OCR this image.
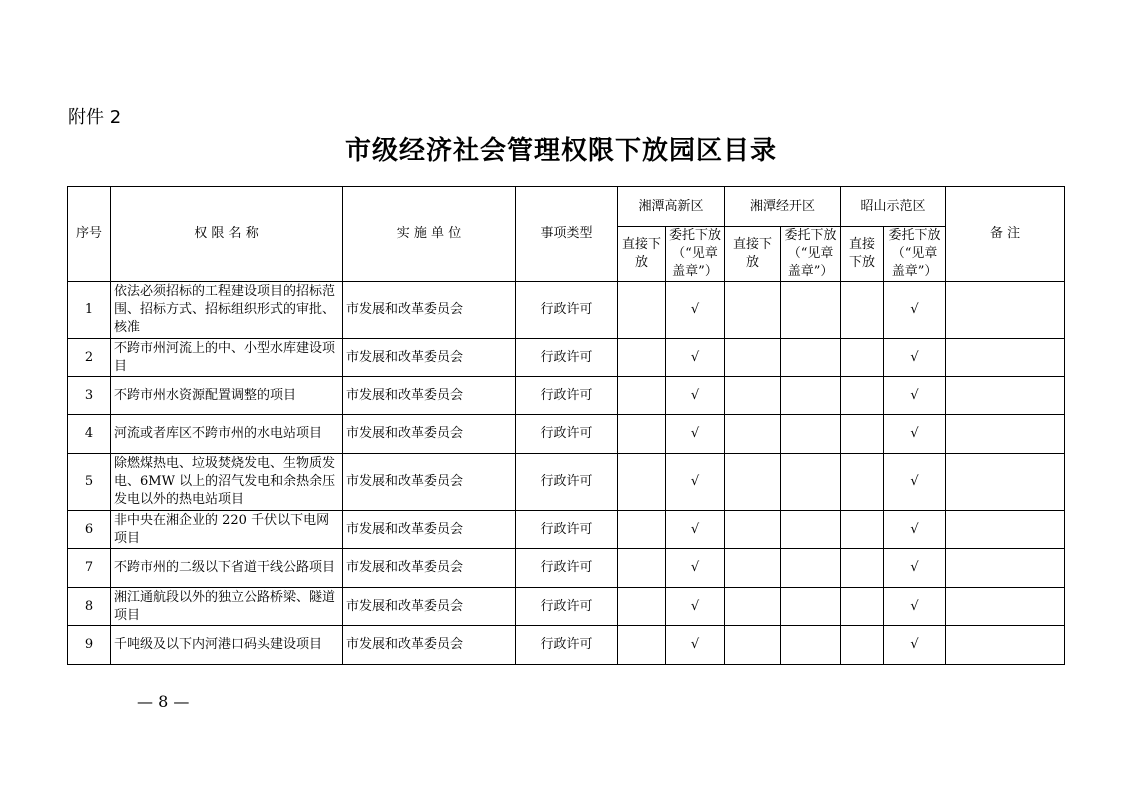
附件 2
市级经济社会管理权限下放园区目录
序号	权 限 名 称	实 施 单 位	事项类型	湘潭高新区		湘潭经开区		昭山示范区		备 注
				直接下放	委托下放（“见章盖章”）	直接下放	委托下放（“见章盖章”）	直接下放	委托下放（“见章盖章”）	
1	依法必须招标的工程建设项目的招标范围、招标方式、招标组织形式的审批、核准	市发展和改革委员会	行政许可		√				√	
2	不跨市州河流上的中、小型水库建设项目	市发展和改革委员会	行政许可		√				√	
3	不跨市州水资源配置调整的项目	市发展和改革委员会	行政许可		√				√	
4	河流或者库区不跨市州的水电站项目	市发展和改革委员会	行政许可		√				√	
5	除燃煤热电、垃圾焚烧发电、生物质发电、6MW 以上的沼气发电和余热余压发电以外的热电站项目	市发展和改革委员会	行政许可		√				√	
6	非中央在湘企业的 220 千伏以下电网项目	市发展和改革委员会	行政许可		√				√	
7	不跨市州的二级以下省道干线公路项目	市发展和改革委员会	行政许可		√				√	
8	湘江通航段以外的独立公路桥梁、隧道项目	市发展和改革委员会	行政许可		√				√	
9	千吨级及以下内河港口码头建设项目	市发展和改革委员会	行政许可		√				√	
— 8 —
